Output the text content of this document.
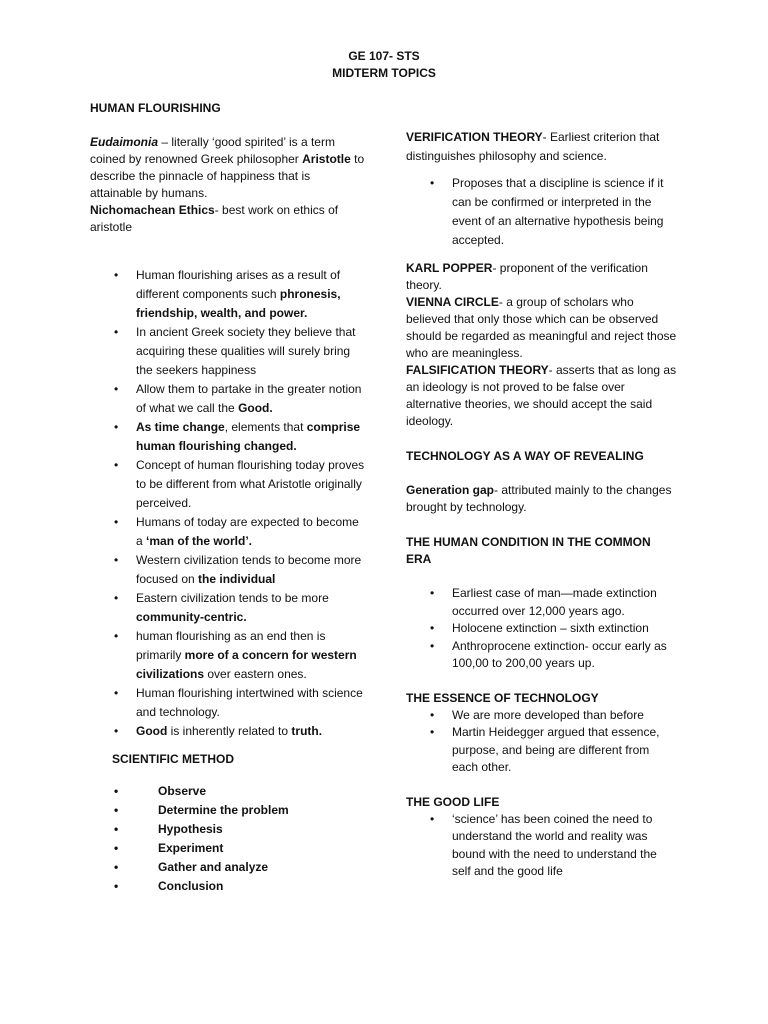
GE 107- STS
MIDTERM TOPICS

HUMAN FLOURISHING

Eudaimonia – literally ‘good spirited’ is a term coined by renowned Greek philosopher Aristotle to describe the pinnacle of happiness that is attainable by humans.

Nichomachean Ethics- best work on ethics of aristotle

• Human flourishing arises as a result of different components such phronesis, friendship, wealth, and power.
• In ancient Greek society they believe that acquiring these qualities will surely bring the seekers happiness
• Allow them to partake in the greater notion of what we call the Good.
• As time change, elements that comprise human flourishing changed.
• Concept of human flourishing today proves to be different from what Aristotle originally perceived.
• Humans of today are expected to become a ‘man of the world’.
• Western civilization tends to become more focused on the individual
• Eastern civilization tends to be more community-centric.
• human flourishing as an end then is primarily more of a concern for western civilizations over eastern ones.
• Human flourishing intertwined with science and technology.
• Good is inherently related to truth.

SCIENTIFIC METHOD

• Observe
• Determine the problem
• Hypothesis
• Experiment
• Gather and analyze
• Conclusion

VERIFICATION THEORY- Earliest criterion that distinguishes philosophy and science.

• Proposes that a discipline is science if it can be confirmed or interpreted in the event of an alternative hypothesis being accepted.

KARL POPPER- proponent of the verification theory.

VIENNA CIRCLE- a group of scholars who believed that only those which can be observed should be regarded as meaningful and reject those who are meaningless.

FALSIFICATION THEORY- asserts that as long as an ideology is not proved to be false over alternative theories, we should accept the said ideology.

TECHNOLOGY AS A WAY OF REVEALING

Generation gap- attributed mainly to the changes brought by technology.

THE HUMAN CONDITION IN THE COMMON ERA

• Earliest case of man—made extinction occurred over 12,000 years ago.
• Holocene extinction – sixth extinction
• Anthroprocene extinction- occur early as 100,00 to 200,00 years up.

THE ESSENCE OF TECHNOLOGY

• We are more developed than before
• Martin Heidegger argued that essence, purpose, and being are different from each other.

THE GOOD LIFE

• ‘science’ has been coined the need to understand the world and reality was bound with the need to understand the self and the good life
